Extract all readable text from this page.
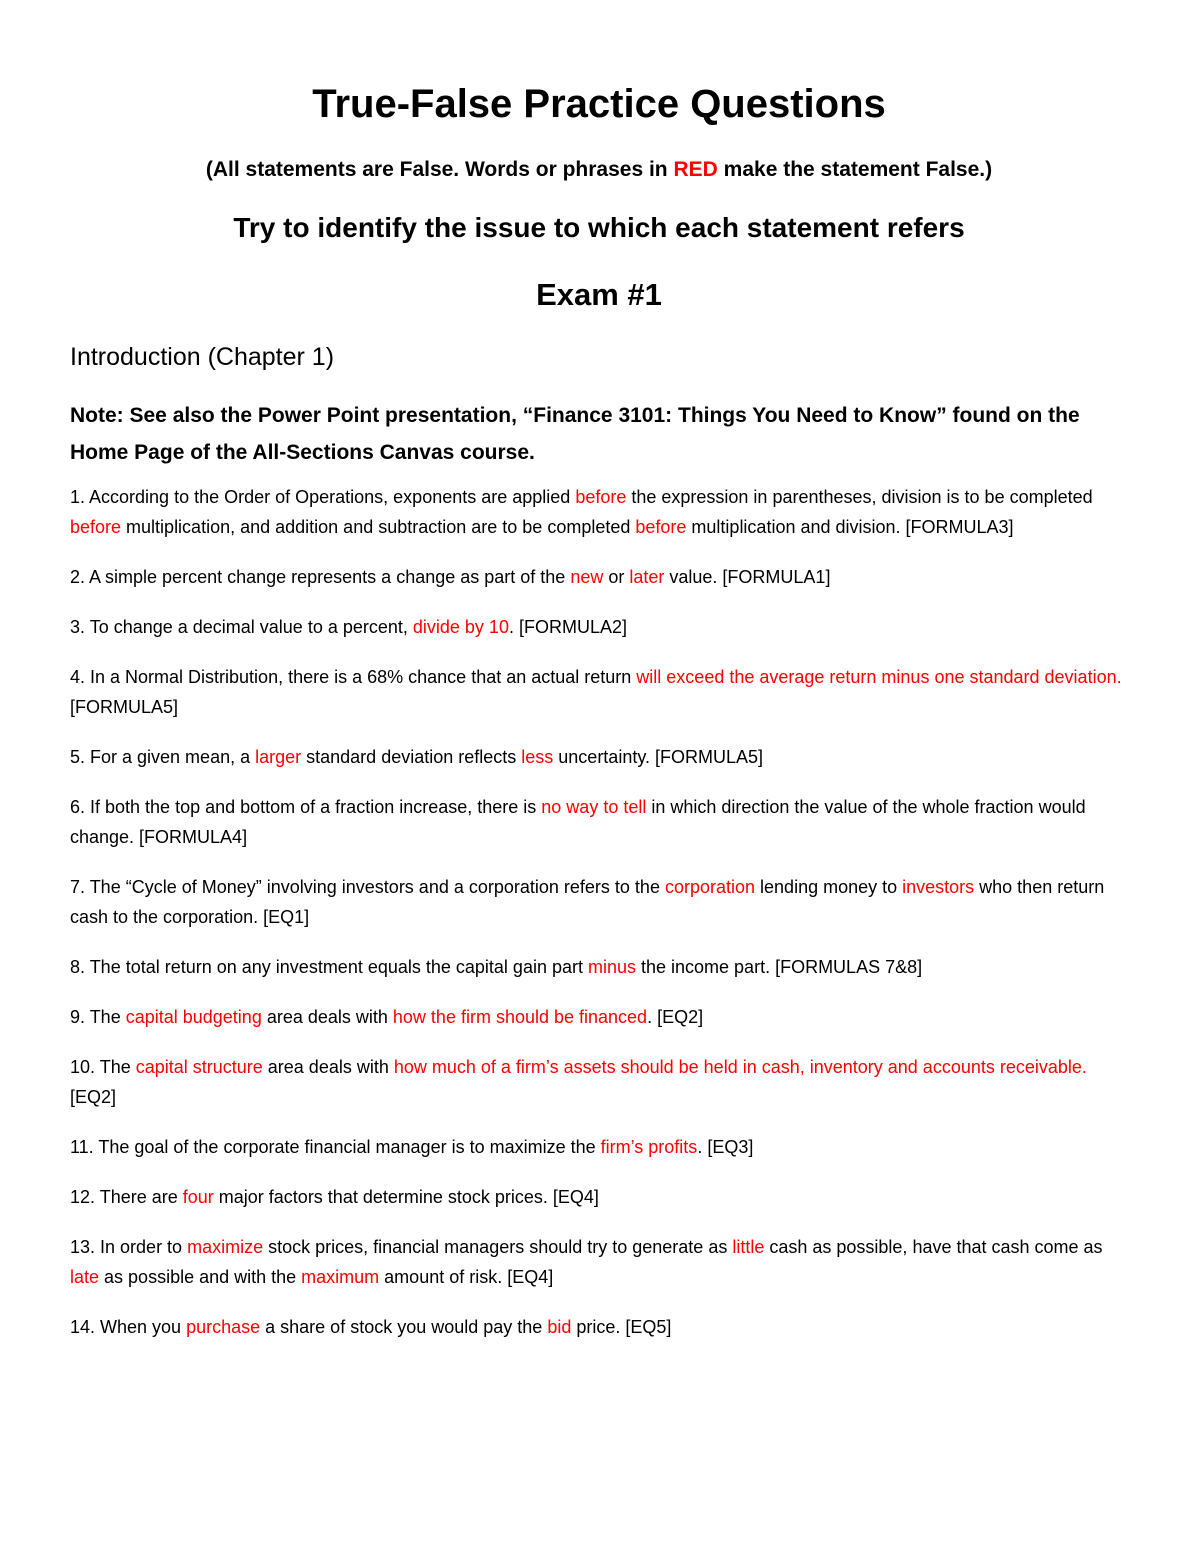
True-False Practice Questions

(All statements are False. Words or phrases in RED make the statement False.)

Try to identify the issue to which each statement refers
Exam #1
Introduction (Chapter 1)

Note: See also the Power Point presentation, “Finance 3101: Things You Need to Know” found on the Home Page of the All-Sections Canvas course.

1. According to the Order of Operations, exponents are applied before the expression in parentheses, division is to be completed before multiplication, and addition and subtraction are to be completed before multiplication and division. [FORMULA3]
2. A simple percent change represents a change as part of the new or later value. [FORMULA1]
3. To change a decimal value to a percent, divide by 10. [FORMULA2]
4. In a Normal Distribution, there is a 68% chance that an actual return will exceed the average return minus one standard deviation. [FORMULA5]
5. For a given mean, a larger standard deviation reflects less uncertainty. [FORMULA5]
6. If both the top and bottom of a fraction increase, there is no way to tell in which direction the value of the whole fraction would change. [FORMULA4]
7. The “Cycle of Money” involving investors and a corporation refers to the corporation lending money to investors who then return cash to the corporation. [EQ1]
8. The total return on any investment equals the capital gain part minus the income part. [FORMULAS 7&8]
9. The capital budgeting area deals with how the firm should be financed. [EQ2]
10. The capital structure area deals with how much of a firm’s assets should be held in cash, inventory and accounts receivable. [EQ2]
11. The goal of the corporate financial manager is to maximize the firm’s profits. [EQ3]
12. There are four major factors that determine stock prices. [EQ4]
13. In order to maximize stock prices, financial managers should try to generate as little cash as possible, have that cash come as late as possible and with the maximum amount of risk. [EQ4]
14. When you purchase a share of stock you would pay the bid price. [EQ5]
